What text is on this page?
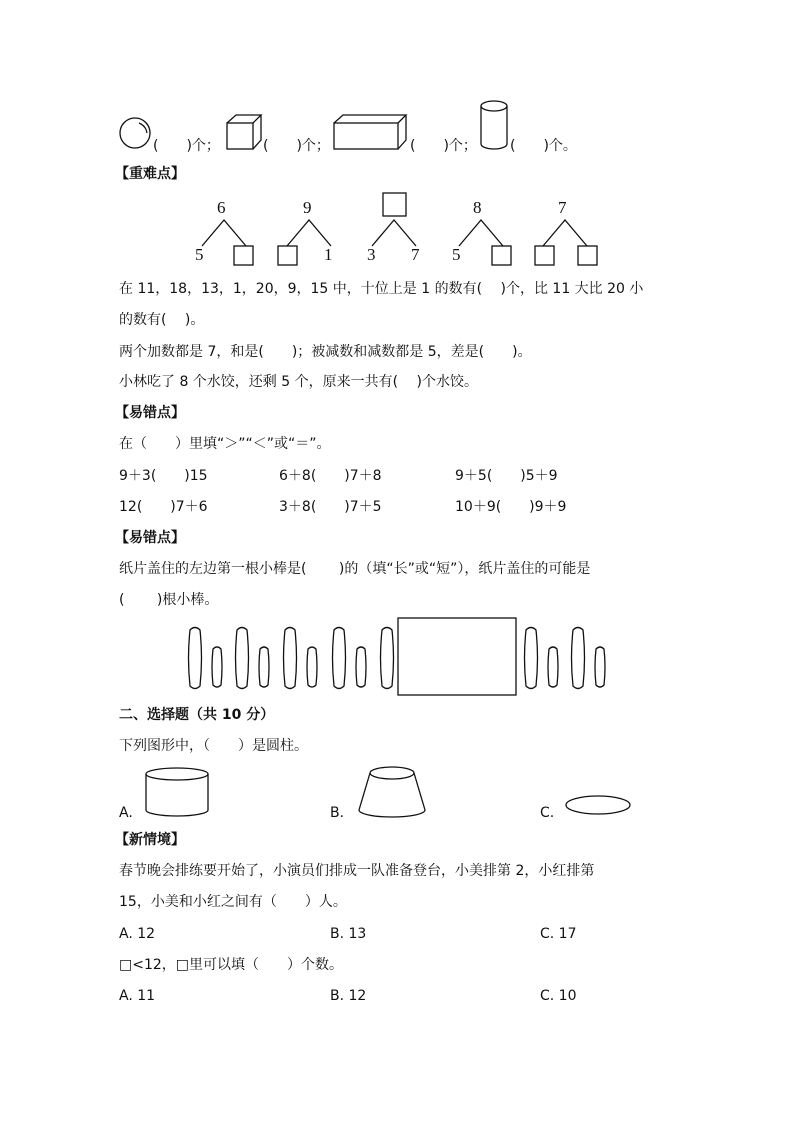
(　　)个；	(　　)个；	(　　)个； (　　)个。
【重难点】
6
5
9
1 3 7
8
5
7
在 11，18，13，1，20，9，15 中，十位上是 1 的数有(　 )个，比 11 大比 20 小
的数有(　 )。
两个加数都是 7，和是(　　)；被减数和减数都是 5，差是(　　)。
小林吃了 8 个水饺，还剩 5 个，原来一共有(　 )个水饺。
【易错点】
在（　　）里填“＞”“＜”或“＝”。
9＋3(　　)15	6＋8(　　)7＋8	9＋5(　　)5＋9
12(　　)7＋6	3＋8(　　)7＋5	10＋9(　　)9＋9
【易错点】
纸片盖住的左边第一根小棒是(　　 )的（填“长”或“短”），纸片盖住的可能是
(　　 )根小棒。
二、选择题（共 10 分）
下列图形中，（　　）是圆柱。
A.	B.	C.
【新情境】
春节晚会排练要开始了，小演员们排成一队准备登台，小美排第 2，小红排第
15，小美和小红之间有（　　）人。
A. 12	B. 13	C. 17
□<12，□里可以填（　　）个数。
A. 11	B. 12	C. 10
